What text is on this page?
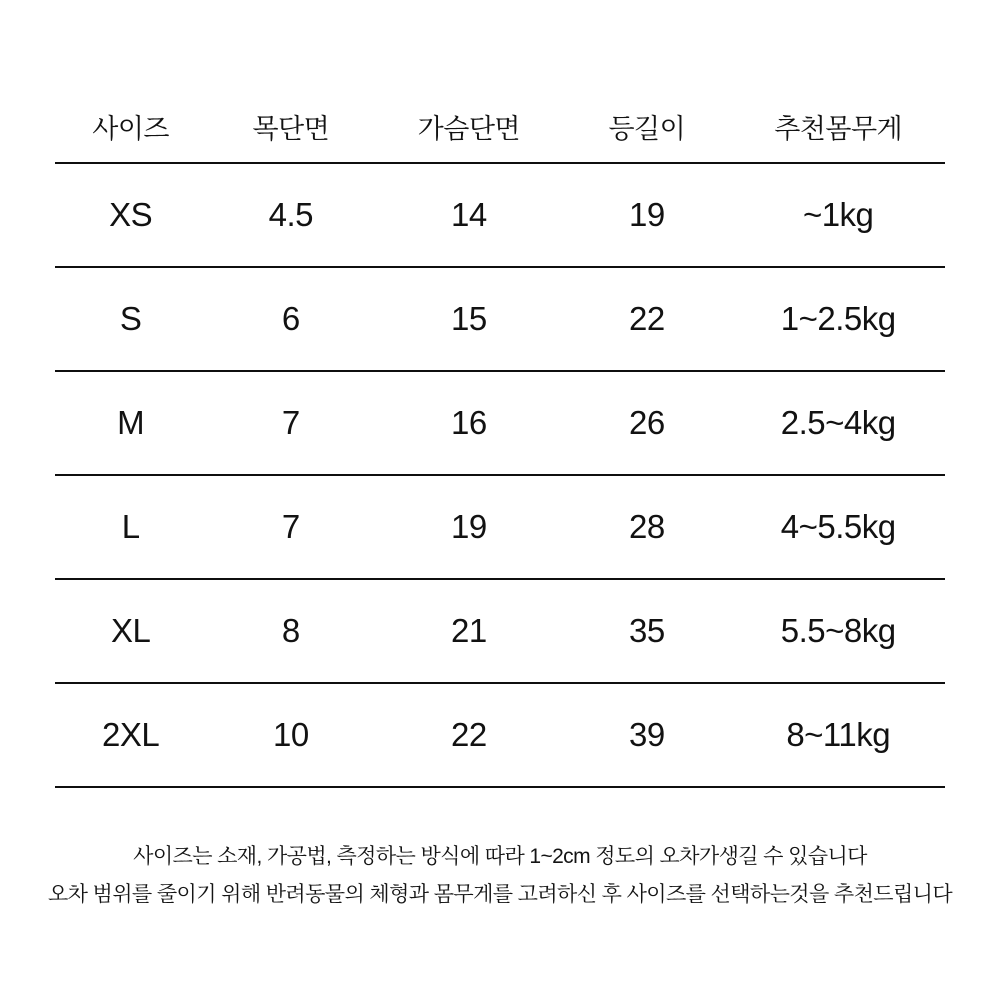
사이즈	목단면	가슴단면	등길이	추천몸무게
XS	4.5	14	19	~1kg
S	6	15	22	1~2.5kg
M	7	16	26	2.5~4kg
L	7	19	28	4~5.5kg
XL	8	21	35	5.5~8kg
2XL	10	22	39	8~11kg
사이즈는 소재, 가공법, 측정하는 방식에 따라 1~2cm 정도의 오차가생길 수 있습니다
오차 범위를 줄이기 위해 반려동물의 체형과 몸무게를 고려하신 후 사이즈를 선택하는것을 추천드립니다
